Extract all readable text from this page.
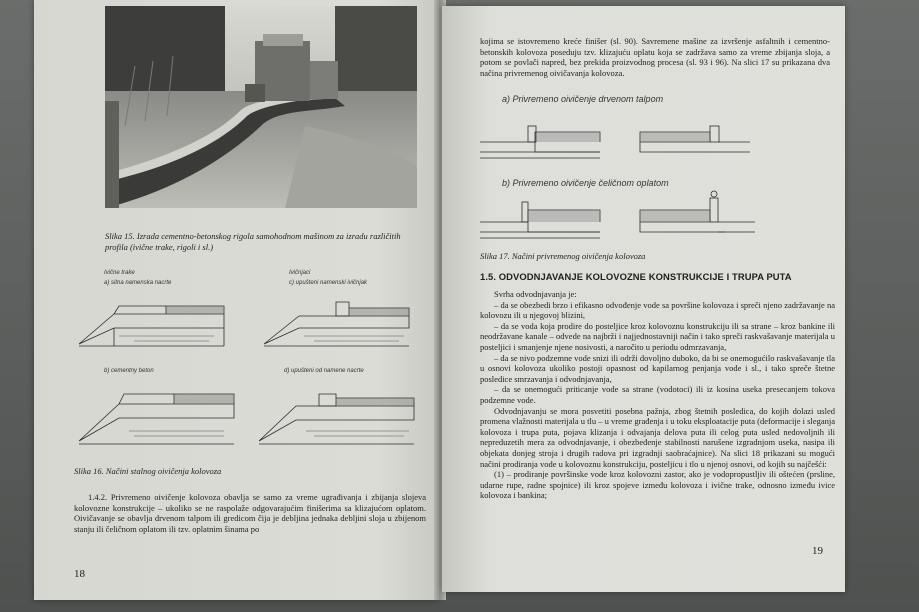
Slika 15. Izrada cementno-betonskog rigola samohodnom mašinom za izradu različitih profila (ivične trake, rigoli i sl.)
Ivične trake
a) sitna namenska nacrte
Ivičnjaci
c) upuštеni namenski ivičnjak
b) cementny beton	d) upuštеni od namene nacrte
Slika 16. Načini stalnog oivičenja kolovoza

1.4.2. Privremeno oivičenje kolovoza obavlja se samo za vreme ugrađivanja i zbijanja slojeva kolovozne konstrukcije – ukoliko se ne raspolaže odgovarajućim finišerima sa klizajućom oplatom. Oivičavanje se obavlja drvenom talpom ili gredicom čija je debljina jednaka debljini sloja u zbijenom stanju ili čeličnom oplatom ili tzv. oplatnim šinama po

18

kojima se istovremeno kreće finišer (sl. 90). Savremene mašine za izvršenje asfaltnih i cementno-betonskih kolovoza poseduju tzv. klizajuću oplatu koja se zadržava samo za vreme zbijanja sloja, a potom se povlači napred, bez prekida proizvodnog procesa (sl. 93 i 96). Na slici 17 su prikazana dva načina privremenog oivičavanja kolovoza.

a) Privremeno oivičenje drvenom talpom
b) Privremeno oivičenje čeličnom oplatom
Slika 17. Načini privremenog oivičenja kolovoza
1.5. ODVODNJAVANJE KOLOVOZNE KONSTRUKCIJE I TRUPA PUTA

Svrha odvodnjavanja je:

– da se obezbedi brzo i efikasno odvođenje vode sa površine kolovoza i spreči njeno zadržavanje na kolovozu ili u njegovoj blizini,

– da se voda koja prodire do posteljice kroz kolovoznu konstrukciju ili sa strane – kroz bankine ili neodržavane kanale – odvede na najbrži i najjednostavniji način i tako spreči raskvašavanje materijala u posteljici i smanjenje njene nosivosti, a naročito u periodu odmrzavanja,

– da se nivo podzemne vode snizi ili održi dovoljno duboko, da bi se onemogućilo raskvašavanje tla u osnovi kolovoza ukoliko postoji opasnost od kapilarnog penjanja vode i sl., i tako spreče štetne posledice smrzavanja i odvodnjavanja,

– da se onemogući priticanje vode sa strane (vodotoci) ili iz kosina useka presecanjem tokova podzemne vode.

Odvodnjavanju se mora posvetiti posebna pažnja, zbog štetnih posledica, do kojih dolazi usled promena vlažnosti materijala u tlu – u vreme građenja i u toku eksploatacije puta (deformacije i sleganja kolovoza i trupa puta, pojava klizanja i odvajanja delova puta ili celog puta usled nedovoljnih ili nepreduzetih mera za odvodnjavanje, i obezbeđenje stabilnosti narušene izgradnjom useka, nasipa ili objekata donjeg stroja i drugih radova pri izgradnji saobraćajnice). Na slici 18 prikazani su mogući načini prodiranja vode u kolovoznu konstrukciju, posteljicu i tlo u njenoj osnovi, od kojih su najčešći:

(1) – prodiranje površinske vode kroz kolovozni zastor, ako je vodopropustljiv ili oštećen (prsline, udarne rupe, radne spojnice) ili kroz spojeve između kolovoza i ivične trake, odnosno između ivice kolovoza i bankina;

19
